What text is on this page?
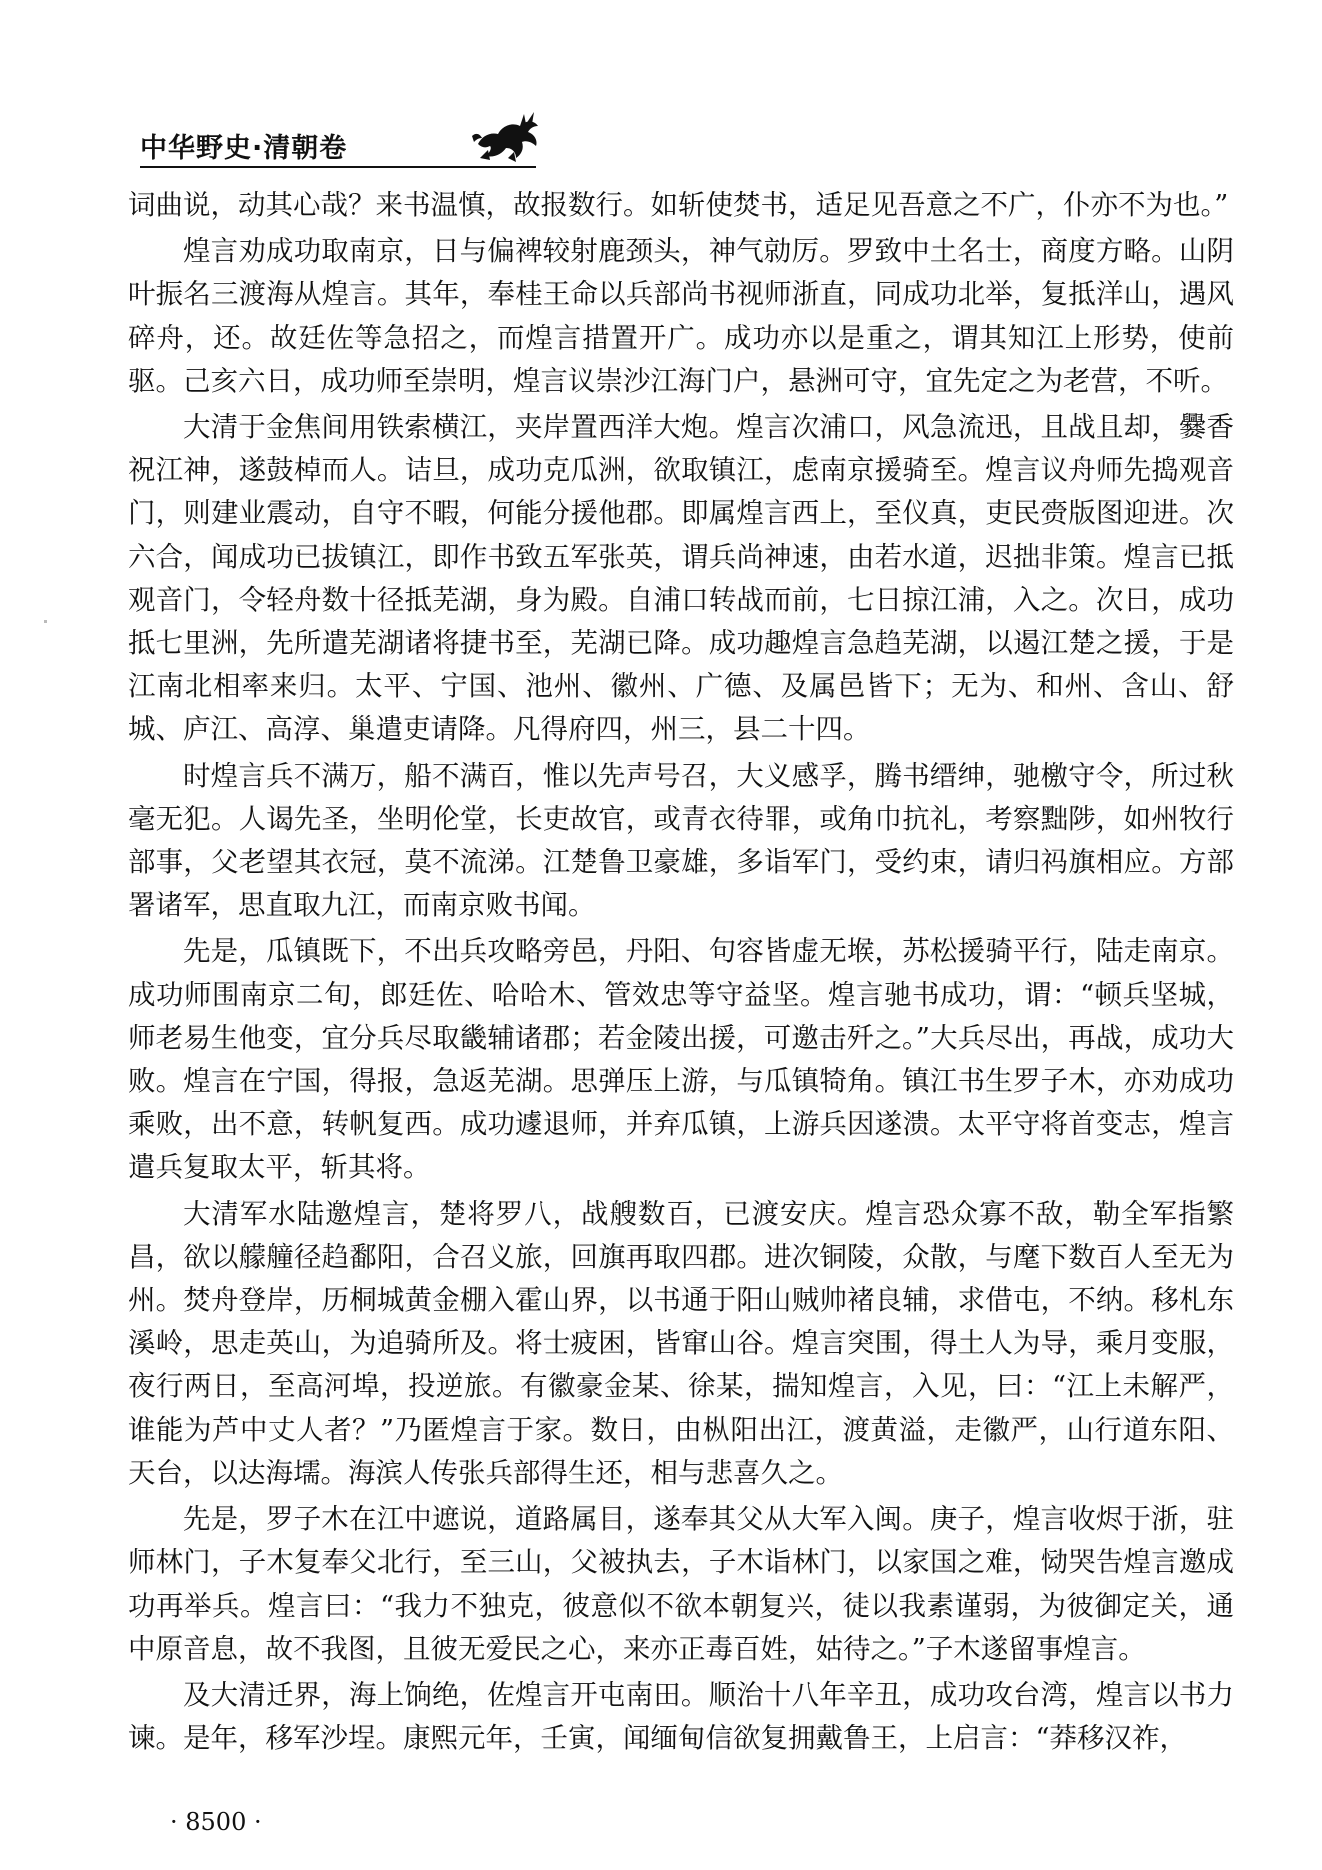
中华野史·清朝卷

词曲说，动其心哉？来书温慎，故报数行。如斩使焚书，适足见吾意之不广，仆亦不为也。”

煌言劝成功取南京，日与偏裨较射鹿颈头，神气勍厉。罗致中土名士，商度方略。山阴叶振名三渡海从煌言。其年，奉桂王命以兵部尚书视师浙直，同成功北举，复抵洋山，遇风碎舟，还。故廷佐等急招之，而煌言措置开广。成功亦以是重之，谓其知江上形势，使前驱。己亥六日，成功师至崇明，煌言议崇沙江海门户，悬洲可守，宜先定之为老营，不听。

大清于金焦间用铁索横江，夹岸置西洋大炮。煌言次浦口，风急流迅，且战且却，爨香祝江神，遂鼓棹而人。诘旦，成功克瓜洲，欲取镇江，虑南京援骑至。煌言议舟师先捣观音门，则建业震动，自守不暇，何能分援他郡。即属煌言西上，至仪真，吏民赍版图迎进。次六合，闻成功已拔镇江，即作书致五军张英，谓兵尚神速，由若水道，迟拙非策。煌言已抵观音门，令轻舟数十径抵芜湖，身为殿。自浦口转战而前，七日掠江浦，入之。次日，成功抵七里洲，先所遣芜湖诸将捷书至，芜湖已降。成功趣煌言急趋芜湖，以遏江楚之援，于是江南北相率来归。太平、宁国、池州、徽州、广德、及属邑皆下；无为、和州、含山、舒城、庐江、高淳、巢遣吏请降。凡得府四，州三，县二十四。

时煌言兵不满万，船不满百，惟以先声号召，大义感孚，腾书缙绅，驰檄守令，所过秋毫无犯。人谒先圣，坐明伦堂，长吏故官，或青衣待罪，或角巾抗礼，考察黜陟，如州牧行部事，父老望其衣冠，莫不流涕。江楚鲁卫豪雄，多诣军门，受约束，请归祃旗相应。方部署诸军，思直取九江，而南京败书闻。

先是，瓜镇既下，不出兵攻略旁邑，丹阳、句容皆虚无堠，苏松援骑平行，陆走南京。成功师围南京二旬，郎廷佐、哈哈木、管效忠等守益坚。煌言驰书成功，谓：“顿兵坚城，师老易生他变，宜分兵尽取畿辅诸郡；若金陵出援，可邀击歼之。”大兵尽出，再战，成功大败。煌言在宁国，得报，急返芜湖。思弹压上游，与瓜镇犄角。镇江书生罗子木，亦劝成功乘败，出不意，转帆复西。成功遽退师，并弃瓜镇，上游兵因遂溃。太平守将首变志，煌言遣兵复取太平，斩其将。

大清军水陆邀煌言，楚将罗八，战艘数百，已渡安庆。煌言恐众寡不敌，勒全军指繁昌，欲以艨艟径趋鄱阳，合召义旅，回旗再取四郡。进次铜陵，众散，与麾下数百人至无为州。焚舟登岸，历桐城黄金棚入霍山界，以书通于阳山贼帅褚良辅，求借屯，不纳。移札东溪岭，思走英山，为追骑所及。将士疲困，皆窜山谷。煌言突围，得土人为导，乘月变服，夜行两日，至高河埠，投逆旅。有徽豪金某、徐某，揣知煌言，入见，曰：“江上未解严，谁能为芦中丈人者？”乃匿煌言于家。数日，由枞阳出江，渡黄溢，走徽严，山行道东阳、天台，以达海壖。海滨人传张兵部得生还，相与悲喜久之。

先是，罗子木在江中遮说，道路属目，遂奉其父从大军入闽。庚子，煌言收烬于浙，驻师林门，子木复奉父北行，至三山，父被执去，子木诣林门，以家国之难，恸哭告煌言邀成功再举兵。煌言曰：“我力不独克，彼意似不欲本朝复兴，徒以我素谨弱，为彼御定关，通中原音息，故不我图，且彼无爱民之心，来亦正毒百姓，姑待之。”子木遂留事煌言。

及大清迁界，海上饷绝，佐煌言开屯南田。顺治十八年辛丑，成功攻台湾，煌言以书力谏。是年，移军沙埕。康熙元年，壬寅，闻缅甸信欲复拥戴鲁王，上启言：“莽移汉祚，

· 8500 ·
